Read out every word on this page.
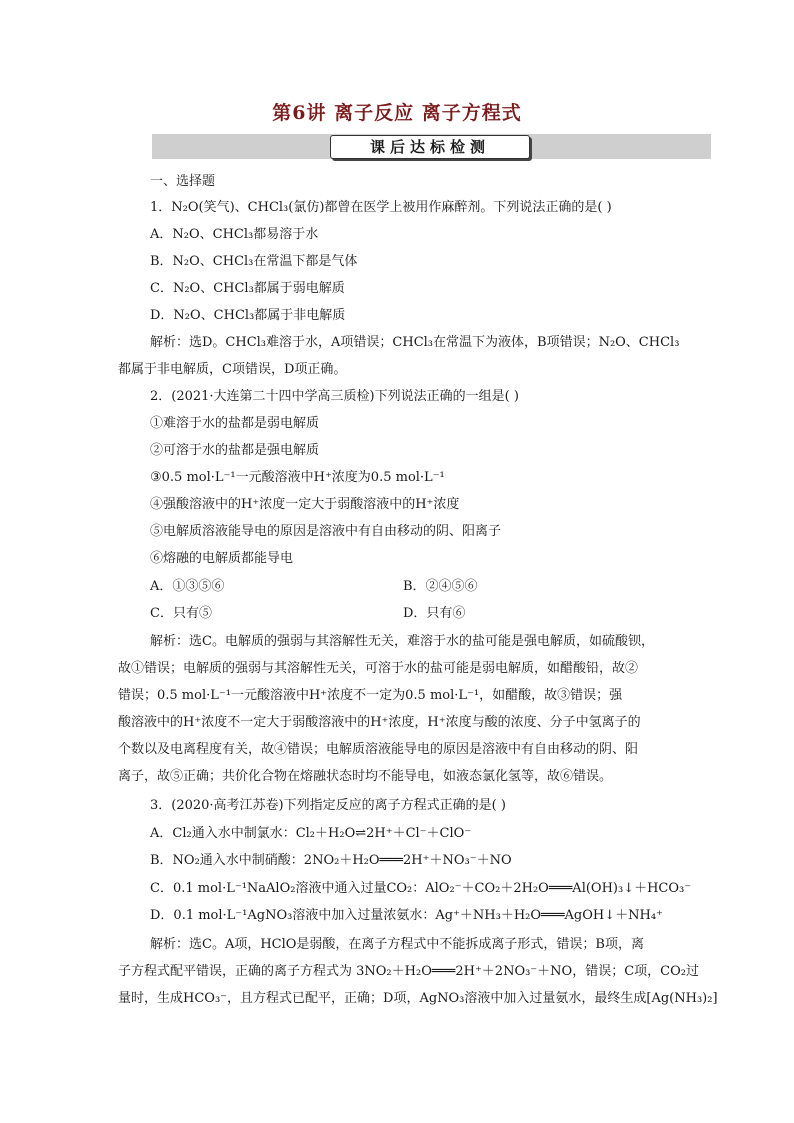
第6讲 离子反应 离子方程式
课后达标检测
一、选择题
1．N₂O(笑气)、CHCl₃(氯仿)都曾在医学上被用作麻醉剂。下列说法正确的是( )
A．N₂O、CHCl₃都易溶于水
B．N₂O、CHCl₃在常温下都是气体
C．N₂O、CHCl₃都属于弱电解质
D．N₂O、CHCl₃都属于非电解质
解析：选D。CHCl₃难溶于水，A项错误；CHCl₃在常温下为液体，B项错误；N₂O、CHCl₃
都属于非电解质，C项错误，D项正确。
2．(2021·大连第二十四中学高三质检)下列说法正确的一组是( )
①难溶于水的盐都是弱电解质
②可溶于水的盐都是强电解质
③0.5 mol·L⁻¹一元酸溶液中H⁺浓度为0.5 mol·L⁻¹
④强酸溶液中的H⁺浓度一定大于弱酸溶液中的H⁺浓度
⑤电解质溶液能导电的原因是溶液中有自由移动的阴、阳离子
⑥熔融的电解质都能导电
解析：选C。电解质的强弱与其溶解性无关，难溶于水的盐可能是强电解质，如硫酸钡，
故①错误；电解质的强弱与其溶解性无关，可溶于水的盐可能是弱电解质，如醋酸铅，故②
错误；0.5 mol·L⁻¹一元酸溶液中H⁺浓度不一定为0.5 mol·L⁻¹，如醋酸，故③错误；强
酸溶液中的H⁺浓度不一定大于弱酸溶液中的H⁺浓度，H⁺浓度与酸的浓度、分子中氢离子的
个数以及电离程度有关，故④错误；电解质溶液能导电的原因是溶液中有自由移动的阴、阳
离子，故⑤正确；共价化合物在熔融状态时均不能导电，如液态氯化氢等，故⑥错误。
3．(2020·高考江苏卷)下列指定反应的离子方程式正确的是( )
A．Cl₂通入水中制氯水：Cl₂＋H₂O⇌2H⁺＋Cl⁻＋ClO⁻
B．NO₂通入水中制硝酸：2NO₂＋H₂O═══2H⁺＋NO₃⁻＋NO
C．0.1 mol·L⁻¹NaAlO₂溶液中通入过量CO₂：AlO₂⁻＋CO₂＋2H₂O═══Al(OH)₃↓＋HCO₃⁻
D．0.1 mol·L⁻¹AgNO₃溶液中加入过量浓氨水：Ag⁺＋NH₃＋H₂O═══AgOH↓＋NH₄⁺
解析：选C。A项，HClO是弱酸，在离子方程式中不能拆成离子形式，错误；B项，离
子方程式配平错误，正确的离子方程式为 3NO₂＋H₂O═══2H⁺＋2NO₃⁻＋NO，错误；C项，CO₂过
量时，生成HCO₃⁻，且方程式已配平，正确；D项，AgNO₃溶液中加入过量氨水，最终生成[Ag(NH₃)₂]
A．①③⑤⑥	B．②④⑤⑥
C．只有⑤	D．只有⑥
